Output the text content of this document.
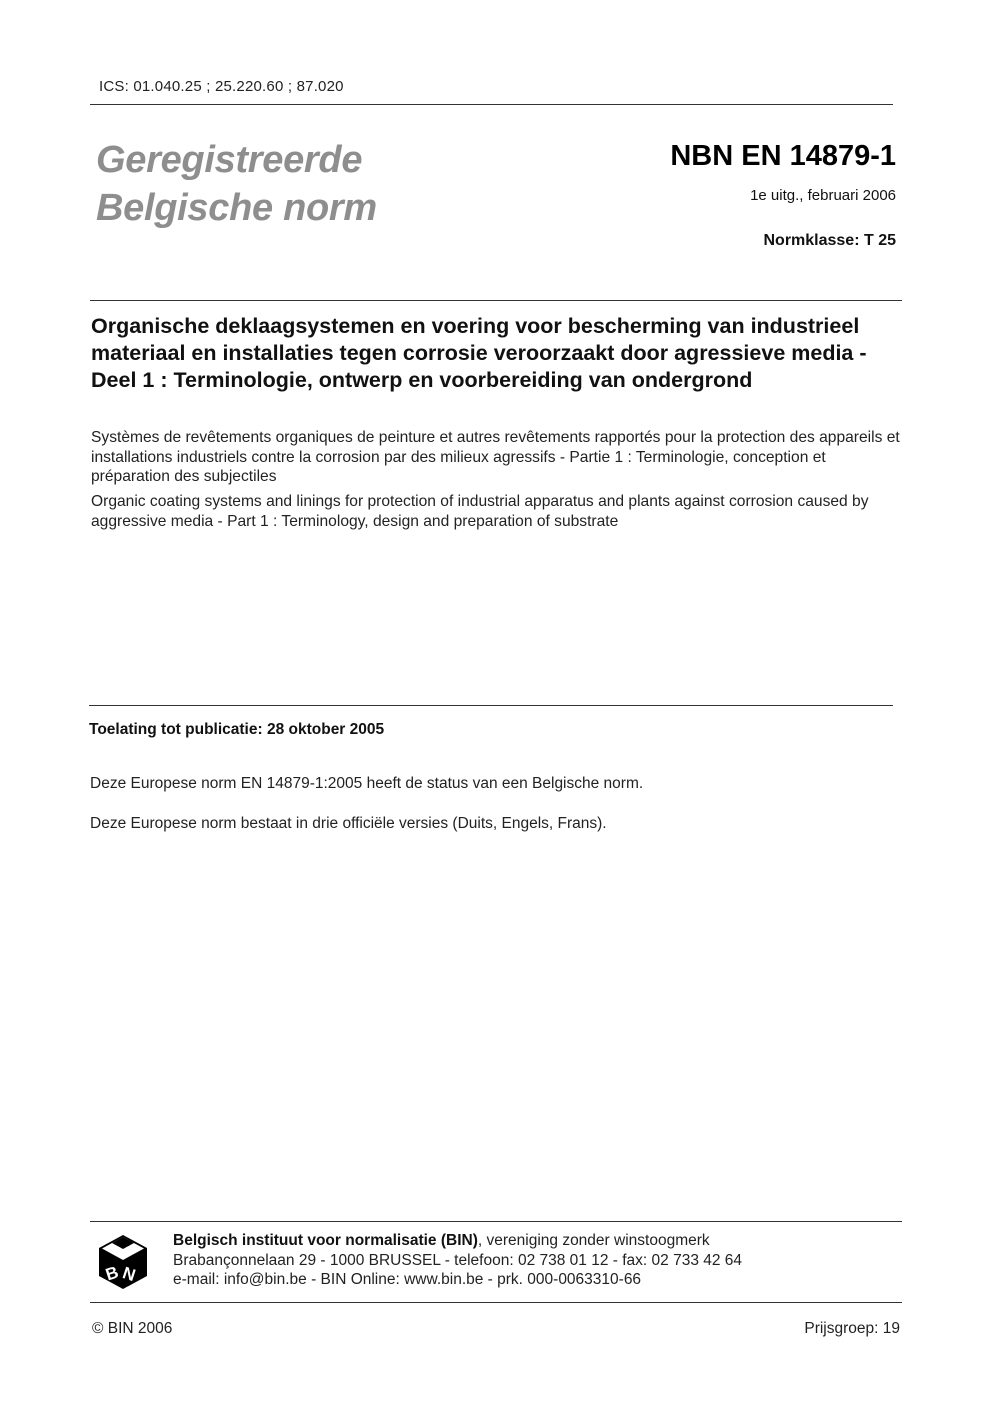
ICS: 01.040.25 ; 25.220.60 ; 87.020
Geregistreerde
Belgische norm
NBN EN 14879-1
1e uitg., februari 2006
Normklasse: T 25
Organische deklaagsystemen en voering voor bescherming van industrieel materiaal en installaties tegen corrosie veroorzaakt door agressieve media - Deel 1 : Terminologie, ontwerp en voorbereiding van ondergrond
Systèmes de revêtements organiques de peinture et autres revêtements rapportés pour la protection des appareils et installations industriels contre la corrosion par des milieux agressifs - Partie 1 : Terminologie, conception et préparation des subjectiles
Organic coating systems and linings for protection of industrial apparatus and plants against corrosion caused by aggressive media - Part 1 : Terminology, design and preparation of substrate
Toelating tot publicatie: 28 oktober 2005
Deze Europese norm EN 14879-1:2005 heeft de status van een Belgische norm.
Deze Europese norm bestaat in drie officiële versies (Duits, Engels, Frans).
B N
Belgisch instituut voor normalisatie (BIN), vereniging zonder winstoogmerk
Brabançonnelaan 29 - 1000 BRUSSEL - telefoon: 02 738 01 12 - fax: 02 733 42 64
e-mail: info@bin.be - BIN Online: www.bin.be - prk. 000-0063310-66
© BIN 2006	Prijsgroep: 19
